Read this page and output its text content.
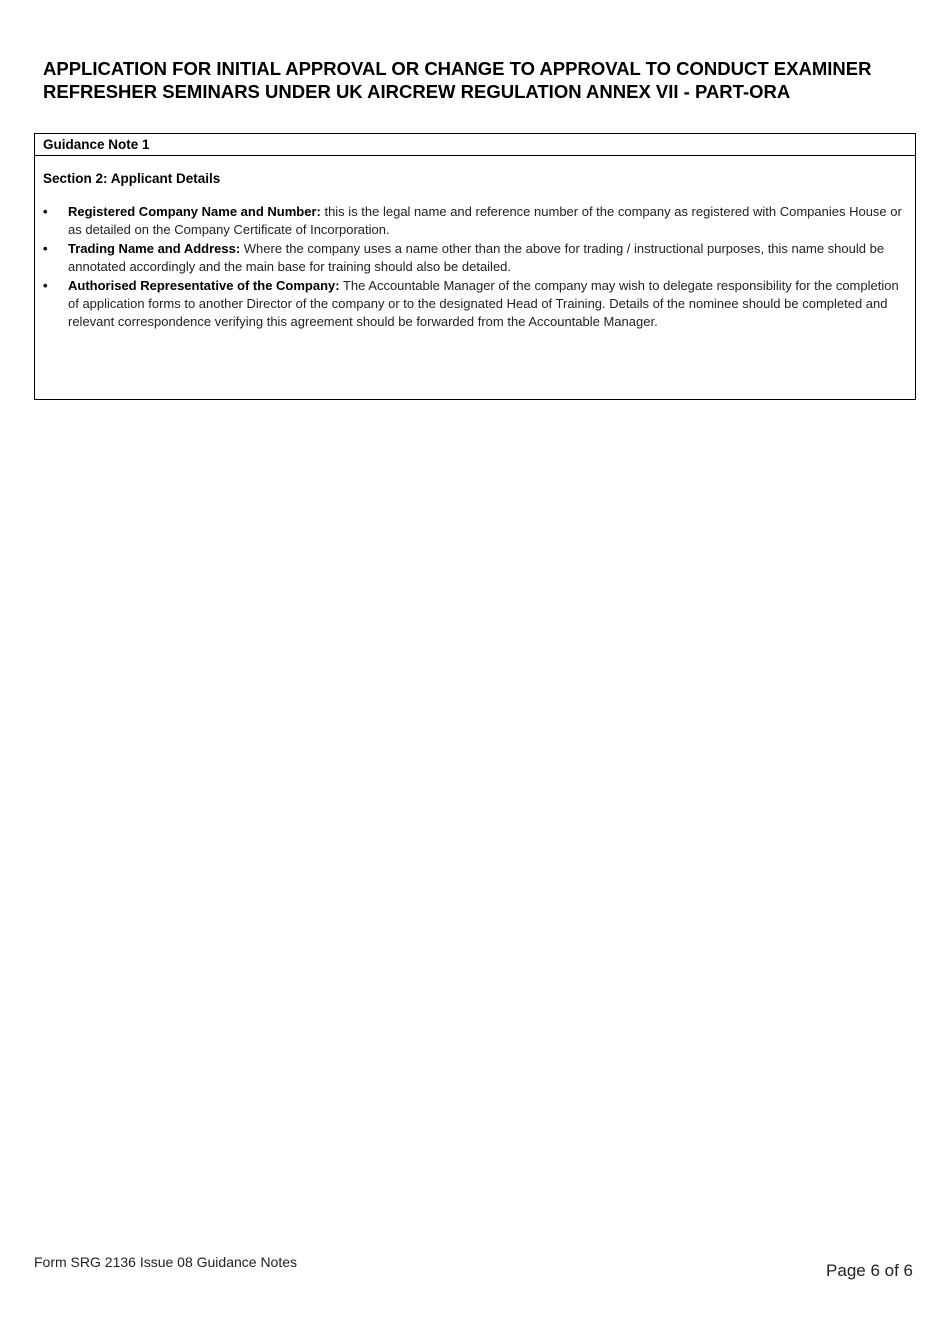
APPLICATION FOR INITIAL APPROVAL OR CHANGE TO APPROVAL TO CONDUCT EXAMINER
REFRESHER SEMINARS UNDER UK AIRCREW REGULATION ANNEX VII - PART-ORA
Guidance Note 1
Section 2: Applicant Details
• Registered Company Name and Number: this is the legal name and reference number of the company as registered with Companies House or as detailed on the Company Certificate of Incorporation.
• Trading Name and Address: Where the company uses a name other than the above for trading / instructional purposes, this name should be annotated accordingly and the main base for training should also be detailed.
• Authorised Representative of the Company: The Accountable Manager of the company may wish to delegate responsibility for the completion of application forms to another Director of the company or to the designated Head of Training. Details of the nominee should be completed and relevant correspondence verifying this agreement should be forwarded from the Accountable Manager.
Form SRG 2136 Issue 08 Guidance Notes	Page 6 of 6
